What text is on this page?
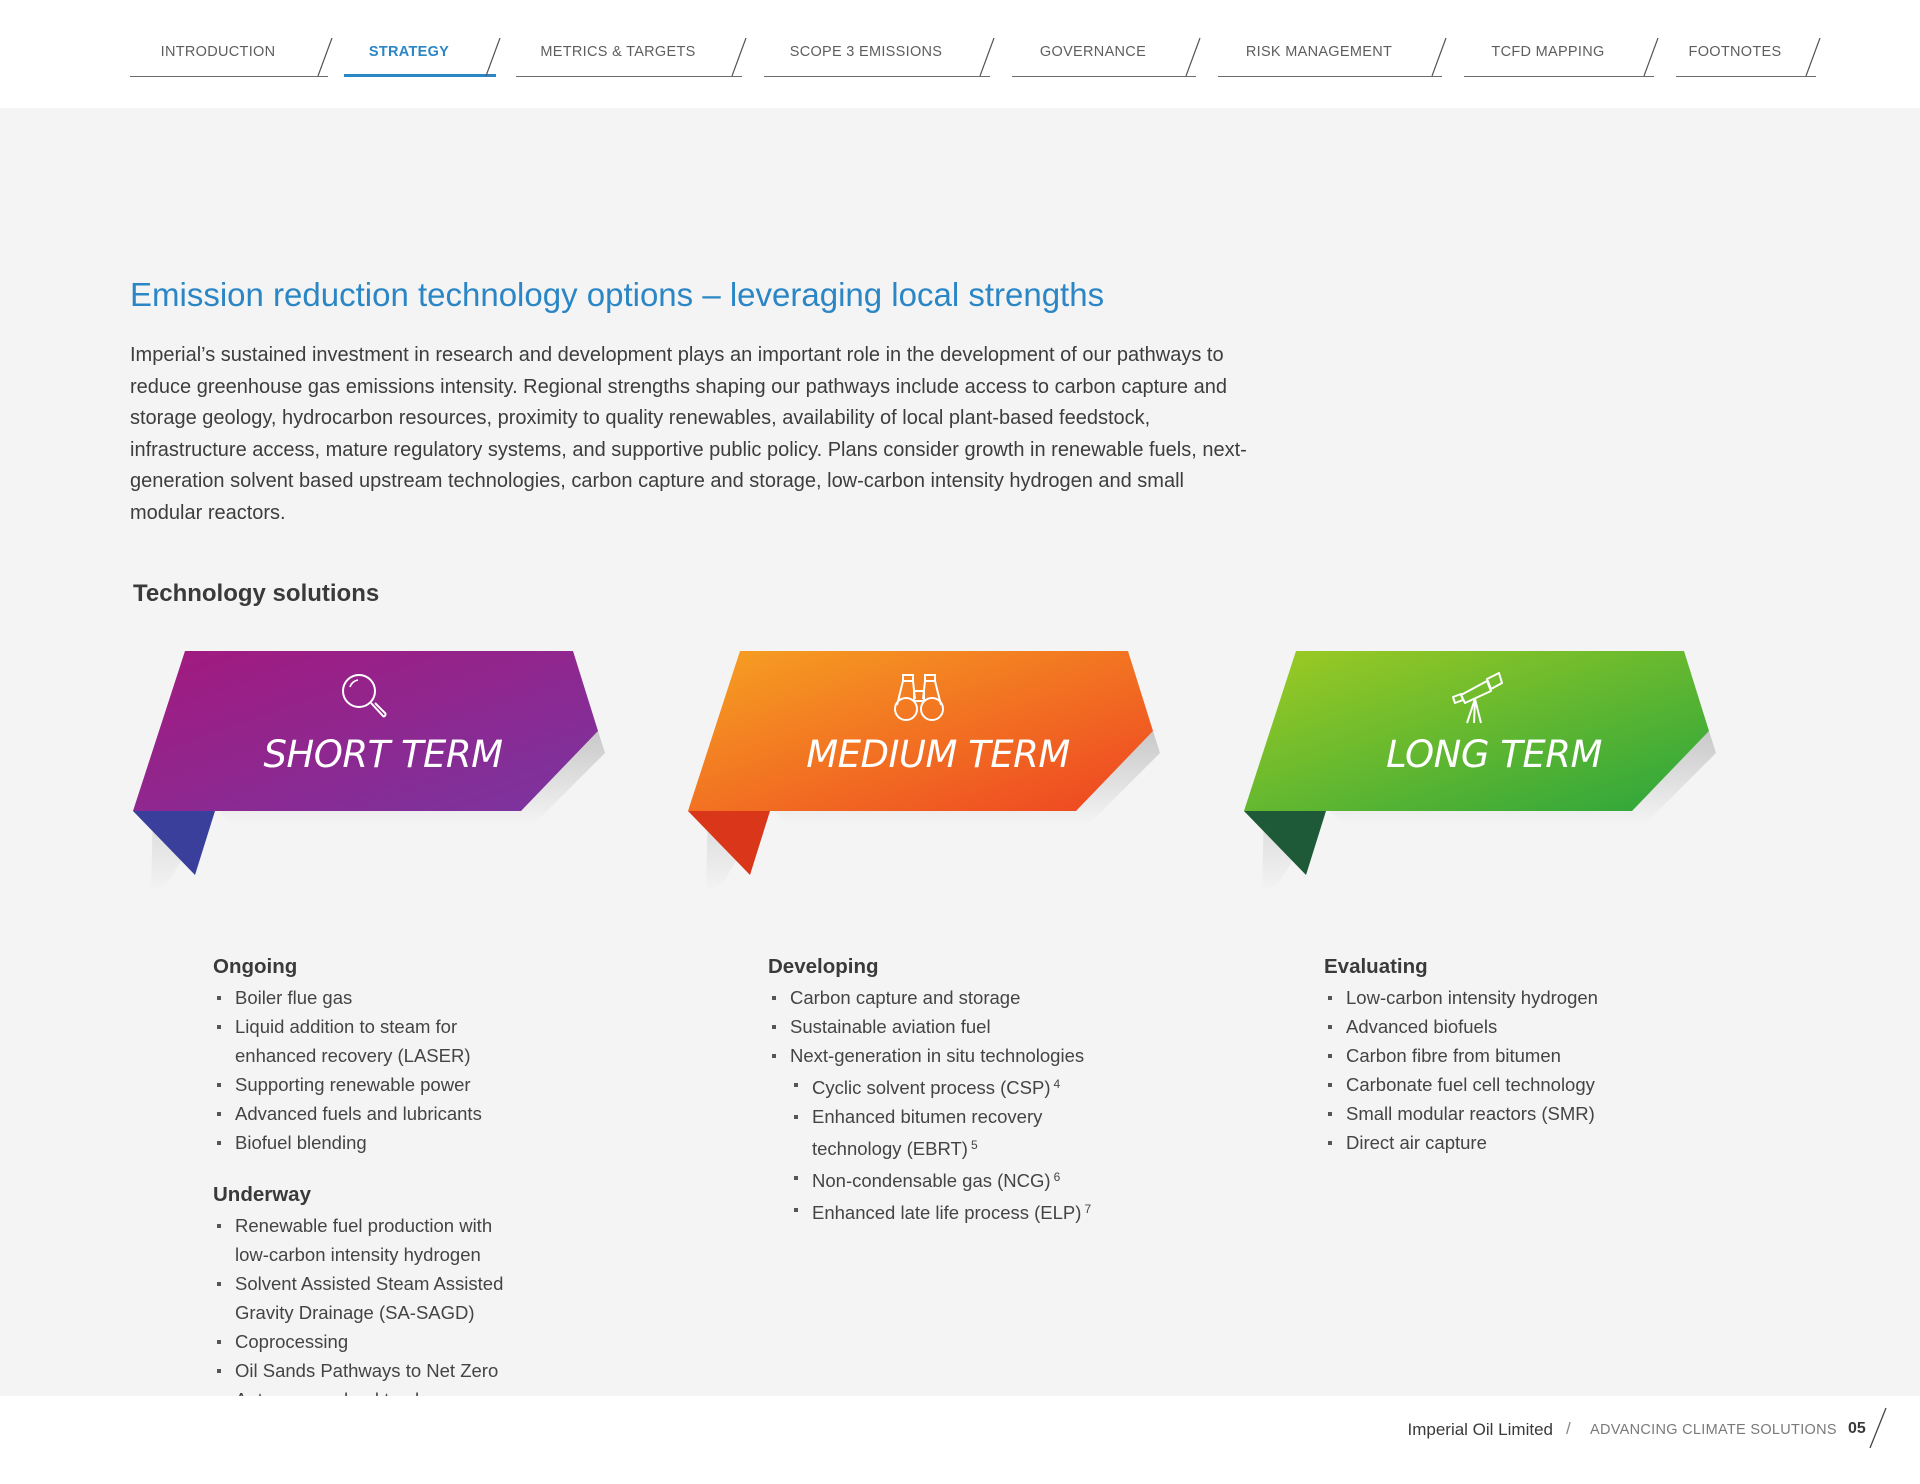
INTRODUCTION	STRATEGY	METRICS & TARGETS	SCOPE 3 EMISSIONS	GOVERNANCE	RISK MANAGEMENT	TCFD MAPPING	FOOTNOTES
Emission reduction technology options – leveraging local strengths

Imperial’s sustained investment in research and development plays an important role in the development of our pathways to reduce greenhouse gas emissions intensity. Regional strengths shaping our pathways include access to carbon capture and storage geology, hydrocarbon resources, proximity to quality renewables, availability of local plant-based feedstock, infrastructure access, mature regulatory systems, and supportive public policy. Plans consider growth in renewable fuels, next-generation solvent based upstream technologies, carbon capture and storage, low-carbon intensity hydrogen and small modular reactors.

Technology solutions
SHORT TERM
Ongoing
Boiler flue gas
Liquid addition to steam for
enhanced recovery (LASER)
Supporting renewable power
Advanced fuels and lubricants
Biofuel blending
Underway
Renewable fuel production with
low-carbon intensity hydrogen
Solvent Assisted Steam Assisted
Gravity Drainage (SA-SAGD)
Coprocessing
Oil Sands Pathways to Net Zero
MEDIUM TERM
Developing
Carbon capture and storage
Sustainable aviation fuel
Next-generation in situ technologies
Cyclic solvent process (CSP) $^4$
Enhanced bitumen recovery
technology (EBRT) $^5$
Non-condensable gas (NCG) $^6$
Enhanced late life process (ELP) $^7$
LONG TERM
Evaluating
Low-carbon intensity hydrogen
Advanced biofuels
Carbon fibre from bitumen
Carbonate fuel cell technology
Small modular reactors (SMR)
Direct air capture
Imperial Oil Limited / ADVANCING CLIMATE SOLUTIONS 05
